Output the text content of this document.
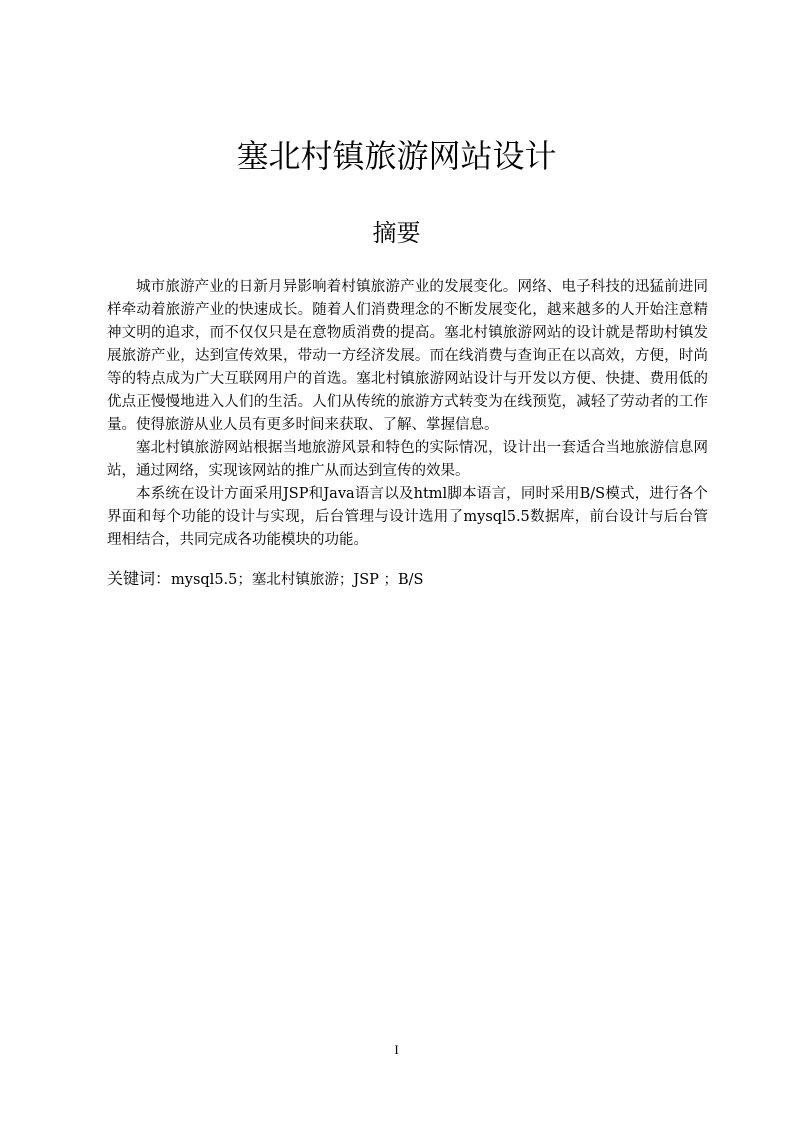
塞北村镇旅游网站设计
摘要

城市旅游产业的日新月异影响着村镇旅游产业的发展变化。网络、电子科技的迅猛前进同样牵动着旅游产业的快速成长。随着人们消费理念的不断发展变化，越来越多的人开始注意精神文明的追求，而不仅仅只是在意物质消费的提高。塞北村镇旅游网站的设计就是帮助村镇发展旅游产业，达到宣传效果，带动一方经济发展。而在线消费与查询正在以高效，方便，时尚等的特点成为广大互联网用户的首选。塞北村镇旅游网站设计与开发以方便、快捷、费用低的优点正慢慢地进入人们的生活。人们从传统的旅游方式转变为在线预览，减轻了劳动者的工作量。使得旅游从业人员有更多时间来获取、了解、掌握信息。

塞北村镇旅游网站根据当地旅游风景和特色的实际情况，设计出一套适合当地旅游信息网站，通过网络，实现该网站的推广从而达到宣传的效果。

本系统在设计方面采用JSP和Java语言以及html脚本语言，同时采用B/S模式，进行各个界面和每个功能的设计与实现，后台管理与设计选用了mysql5.5数据库，前台设计与后台管理相结合，共同完成各功能模块的功能。

关键词：mysql5.5；塞北村镇旅游；JSP ；B/S

I
